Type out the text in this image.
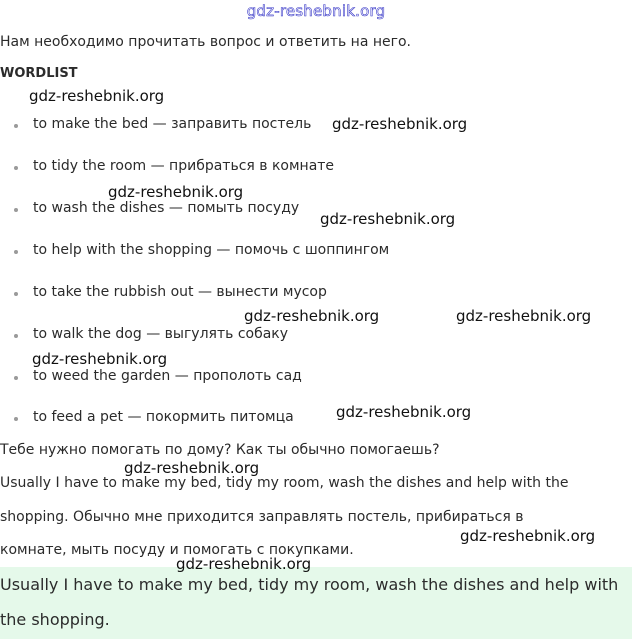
gdz-reshebnik.org
Нам необходимо прочитать вопрос и ответить на него.
WORDLIST
to make the bed — заправить постель
to tidy the room — прибраться в комнате
to wash the dishes — помыть посуду
to help with the shopping — помочь с шоппингом
to take the rubbish out — вынести мусор
to walk the dog — выгулять собаку
to weed the garden — прополоть сад
to feed a pet — покормить питомца
Тебе нужно помогать по дому? Как ты обычно помогаешь?
Usually I have to make my bed, tidy my room, wash the dishes and help with the
shopping. Обычно мне приходится заправлять постель, прибираться в
комнате, мыть посуду и помогать с покупками.
Usually I have to make my bed, tidy my room, wash the dishes and help with
the shopping.
gdz-reshebnik.org
gdz-reshebnik.org
gdz-reshebnik.org
gdz-reshebnik.org
gdz-reshebnik.org	gdz-reshebnik.org
gdz-reshebnik.org
gdz-reshebnik.org
gdz-reshebnik.org
gdz-reshebnik.org
gdz-reshebnik.org
